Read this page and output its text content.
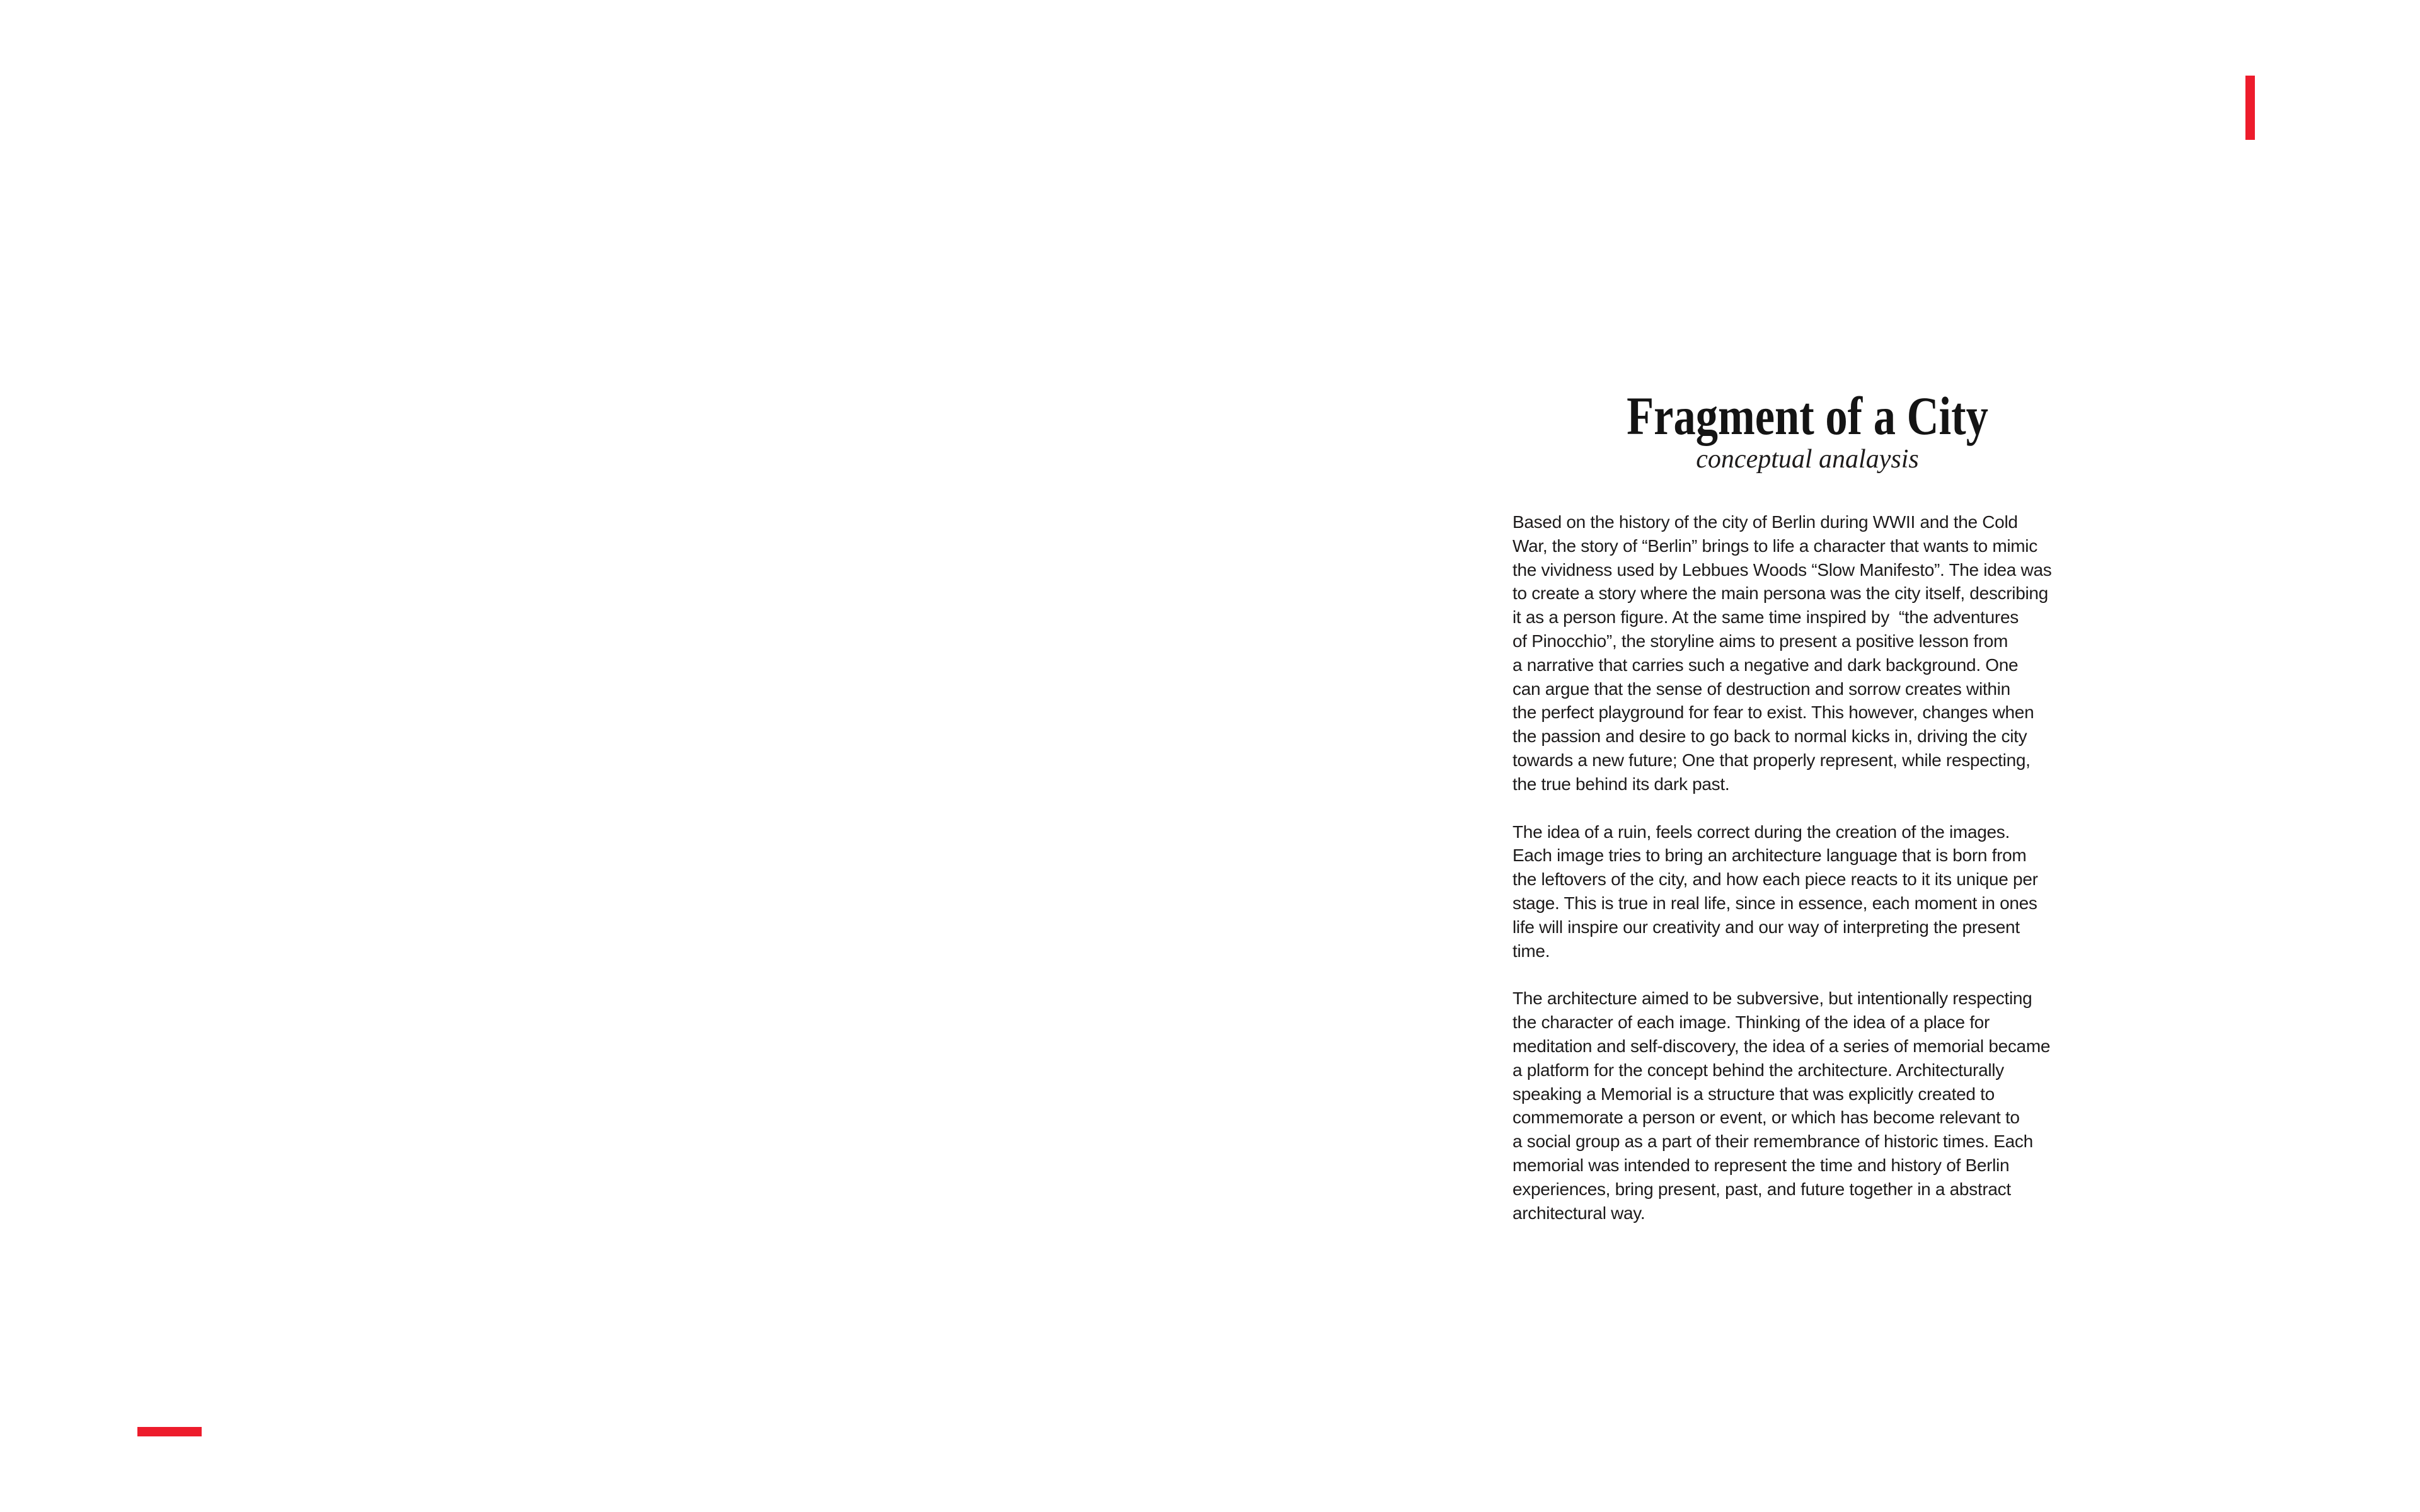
Fragment of a City
conceptual analaysis

Based on the history of the city of Berlin during WWII and the Cold
War, the story of “Berlin” brings to life a character that wants to mimic
the vividness used by Lebbues Woods “Slow Manifesto”. The idea was
to create a story where the main persona was the city itself, describing
it as a person figure. At the same time inspired by  “the adventures
of Pinocchio”, the storyline aims to present a positive lesson from
a narrative that carries such a negative and dark background. One
can argue that the sense of destruction and sorrow creates within
the perfect playground for fear to exist. This however, changes when
the passion and desire to go back to normal kicks in, driving the city
towards a new future; One that properly represent, while respecting,
the true behind its dark past.

The idea of a ruin, feels correct during the creation of the images.
Each image tries to bring an architecture language that is born from
the leftovers of the city, and how each piece reacts to it its unique per
stage. This is true in real life, since in essence, each moment in ones
life will inspire our creativity and our way of interpreting the present
time.

The architecture aimed to be subversive, but intentionally respecting
the character of each image. Thinking of the idea of a place for
meditation and self-discovery, the idea of a series of memorial became
a platform for the concept behind the architecture. Architecturally
speaking a Memorial is a structure that was explicitly created to
commemorate a person or event, or which has become relevant to
a social group as a part of their remembrance of historic times. Each
memorial was intended to represent the time and history of Berlin
experiences, bring present, past, and future together in a abstract
architectural way.
